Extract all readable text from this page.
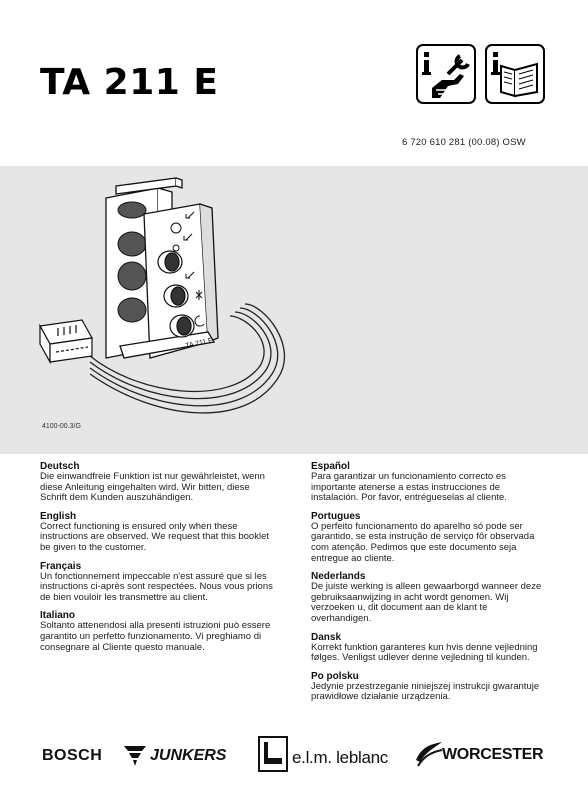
TA 211 E
6 720 610 281 (00.08) OSW
TA 211 E
4100-00.3/G
Deutsch

Die einwandfreie Funktion ist nur gewährleistet, wenn diese Anleitung eingehalten wird. Wir bitten, diese Schrift dem Kunden auszuhändigen.

English

Correct functioning is ensured only when these instructions are observed. We request that this booklet be given to the customer.

Français

Un fonctionnement impeccable n'est assuré que si les instructions ci-après sont respectées. Nous vous prions de bien vouloir les transmettre au client.

Italiano

Soltanto attenendosi alla presenti istruzioni può essere garantito un perfetto funzionamento. Vi preghiamo di consegnare al Cliente questo manuale.

Español

Para garantizar un funcionamiento correcto es importante atenerse a estas instrucciones de instalación. Por favor, entrégueselas al cliente.

Portugues

O perfeito funcionamento do aparelho só pode ser garantido, se esta instrução de serviço fôr observada com atenção. Pedimos que este documento seja entregue ao cliente.

Nederlands

De juiste werking is alleen gewaarborgd wanneer deze gebruiksaanwijzing in acht wordt genomen. Wij verzoeken u, dit document aan de klant te overhandigen.

Dansk

Korrekt funktion garanteres kun hvis denne vejledning følges. Venligst udlever denne vejledning til kunden.

Po polsku

Jedynie przestrzeganie niniejszej instrukcji gwarantuje prawidłowe działanie urządzenia.

BOSCH	JUNKERS	e.l.m. leblanc	WORCESTER
